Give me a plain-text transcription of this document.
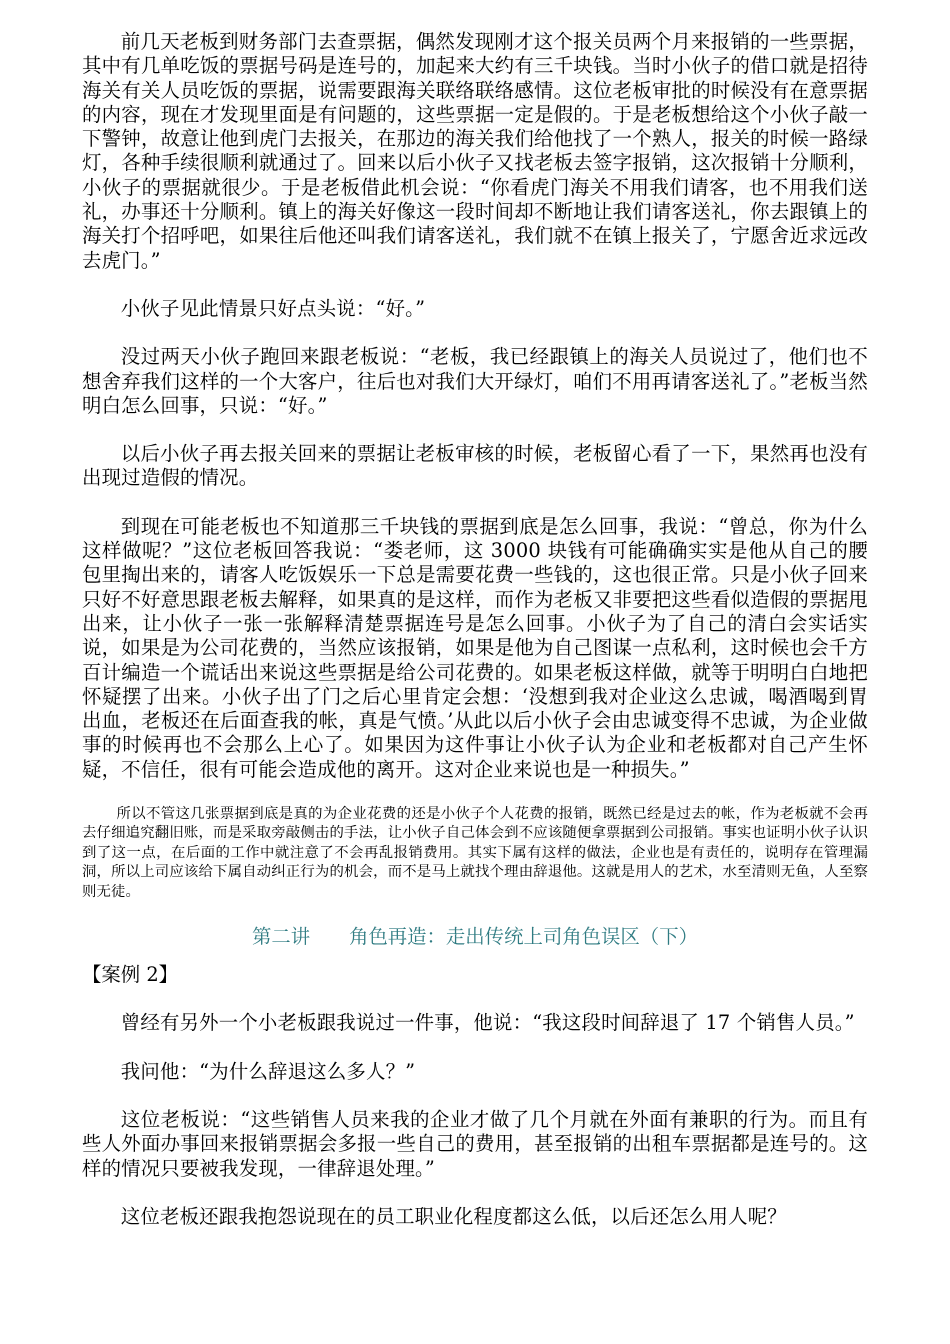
前几天老板到财务部门去查票据，偶然发现刚才这个报关员两个月来报销的一些票据，其中有几单吃饭的票据号码是连号的，加起来大约有三千块钱。当时小伙子的借口就是招待海关有关人员吃饭的票据，说需要跟海关联络联络感情。这位老板审批的时候没有在意票据的内容，现在才发现里面是有问题的，这些票据一定是假的。于是老板想给这个小伙子敲一下警钟，故意让他到虎门去报关，在那边的海关我们给他找了一个熟人，报关的时候一路绿灯，各种手续很顺利就通过了。回来以后小伙子又找老板去签字报销，这次报销十分顺利，小伙子的票据就很少。于是老板借此机会说：“你看虎门海关不用我们请客，也不用我们送礼，办事还十分顺利。镇上的海关好像这一段时间却不断地让我们请客送礼，你去跟镇上的海关打个招呼吧，如果往后他还叫我们请客送礼，我们就不在镇上报关了，宁愿舍近求远改去虎门。”

小伙子见此情景只好点头说：“好。”

没过两天小伙子跑回来跟老板说：“老板，我已经跟镇上的海关人员说过了，他们也不想舍弃我们这样的一个大客户，往后也对我们大开绿灯，咱们不用再请客送礼了。”老板当然明白怎么回事，只说：“好。”

以后小伙子再去报关回来的票据让老板审核的时候，老板留心看了一下，果然再也没有出现过造假的情况。

到现在可能老板也不知道那三千块钱的票据到底是怎么回事，我说：“曾总，你为什么这样做呢？”这位老板回答我说：“娄老师，这 3000 块钱有可能确确实实是他从自己的腰包里掏出来的，请客人吃饭娱乐一下总是需要花费一些钱的，这也很正常。只是小伙子回来只好不好意思跟老板去解释，如果真的是这样，而作为老板又非要把这些看似造假的票据甩出来，让小伙子一张一张解释清楚票据连号是怎么回事。小伙子为了自己的清白会实话实说，如果是为公司花费的，当然应该报销，如果是他为自己图谋一点私利，这时候也会千方百计编造一个谎话出来说这些票据是给公司花费的。如果老板这样做，就等于明明白白地把怀疑摆了出来。小伙子出了门之后心里肯定会想：‘没想到我对企业这么忠诚，喝酒喝到胃出血，老板还在后面查我的帐，真是气愤。’从此以后小伙子会由忠诚变得不忠诚，为企业做事的时候再也不会那么上心了。如果因为这件事让小伙子认为企业和老板都对自己产生怀疑，不信任，很有可能会造成他的离开。这对企业来说也是一种损失。”

所以不管这几张票据到底是真的为企业花费的还是小伙子个人花费的报销，既然已经是过去的帐，作为老板就不会再去仔细追究翻旧账，而是采取旁敲侧击的手法，让小伙子自己体会到不应该随便拿票据到公司报销。事实也证明小伙子认识到了这一点，在后面的工作中就注意了不会再乱报销费用。其实下属有这样的做法，企业也是有责任的，说明存在管理漏洞，所以上司应该给下属自动纠正行为的机会，而不是马上就找个理由辞退他。这就是用人的艺术，水至清则无鱼，人至察则无徒。

第二讲　　角色再造：走出传统上司角色误区（下）

【案例 2】

曾经有另外一个小老板跟我说过一件事，他说：“我这段时间辞退了 17 个销售人员。”

我问他：“为什么辞退这么多人？”

这位老板说：“这些销售人员来我的企业才做了几个月就在外面有兼职的行为。而且有些人外面办事回来报销票据会多报一些自己的费用，甚至报销的出租车票据都是连号的。这样的情况只要被我发现，一律辞退处理。”

这位老板还跟我抱怨说现在的员工职业化程度都这么低，以后还怎么用人呢？
